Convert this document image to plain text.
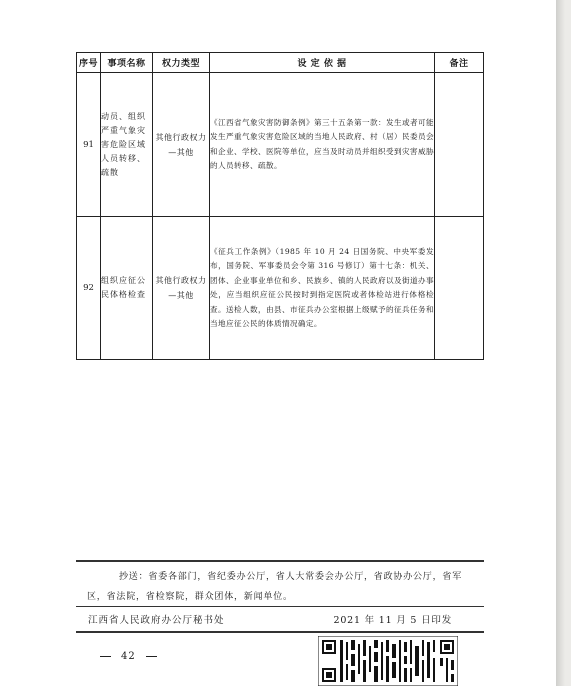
序号	事项名称	权力类型	设 定 依 据	备注
91	动员、组织严重气象灾害危险区域人员转移、疏散	其他行政权力—其他	《江西省气象灾害防御条例》第三十五条第一款：发生或者可能发生严重气象灾害危险区域的当地人民政府、村（居）民委员会和企业、学校、医院等单位，应当及时动员并组织受到灾害威胁的人员转移、疏散。	
92	组织应征公民体格检查	其他行政权力—其他	《征兵工作条例》（1985 年 10 月 24 日国务院、中央军委发布，国务院、军事委员会令第 316 号修订）第十七条：机关、团体、企业事业单位和乡、民族乡、镇的人民政府以及街道办事处，应当组织应征公民按时到指定医院或者体检站进行体格检查。送检人数，由县、市征兵办公室根据上级赋予的征兵任务和当地应征公民的体质情况确定。	
抄送：省委各部门，省纪委办公厅，省人大常委会办公厅，省政协办公厅，省军区，省法院，省检察院，群众团体，新闻单位。
江西省人民政府办公厅秘书处	2021 年 11 月 5 日印发
42
